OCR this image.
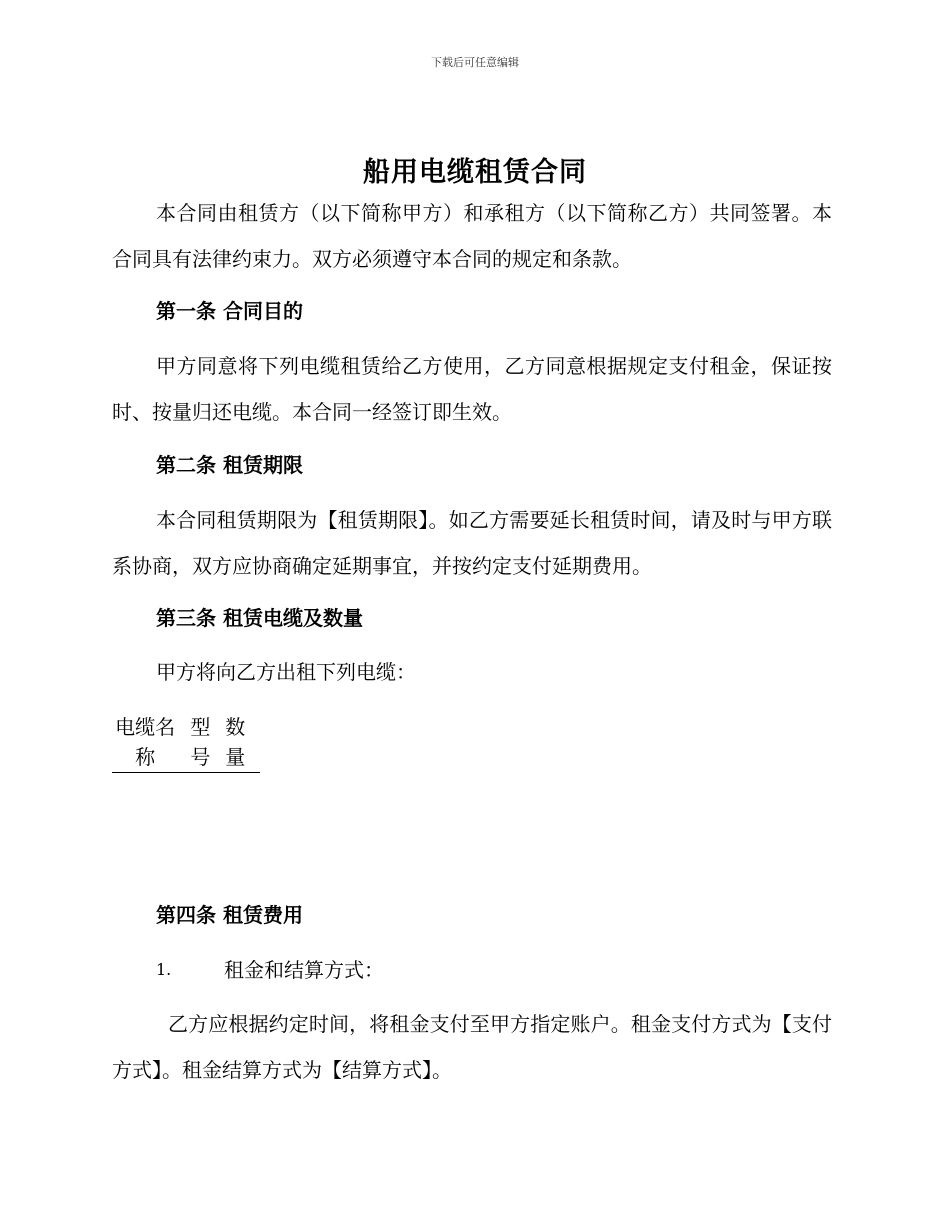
下载后可任意编辑
船用电缆租赁合同
本合同由租赁方（以下简称甲方）和承租方（以下简称乙方）共同签署。本合同具有法律约束力。双方必须遵守本合同的规定和条款。
第一条 合同目的
甲方同意将下列电缆租赁给乙方使用，乙方同意根据规定支付租金，保证按时、按量归还电缆。本合同一经签订即生效。
第二条 租赁期限
本合同租赁期限为【租赁期限】。如乙方需要延长租赁时间，请及时与甲方联系协商，双方应协商确定延期事宜，并按约定支付延期费用。
第三条 租赁电缆及数量
甲方将向乙方出租下列电缆：
电缆名称	型号	数量
第四条 租赁费用
1.	租金和结算方式：
乙方应根据约定时间，将租金支付至甲方指定账户。租金支付方式为【支付方式】。租金结算方式为【结算方式】。
